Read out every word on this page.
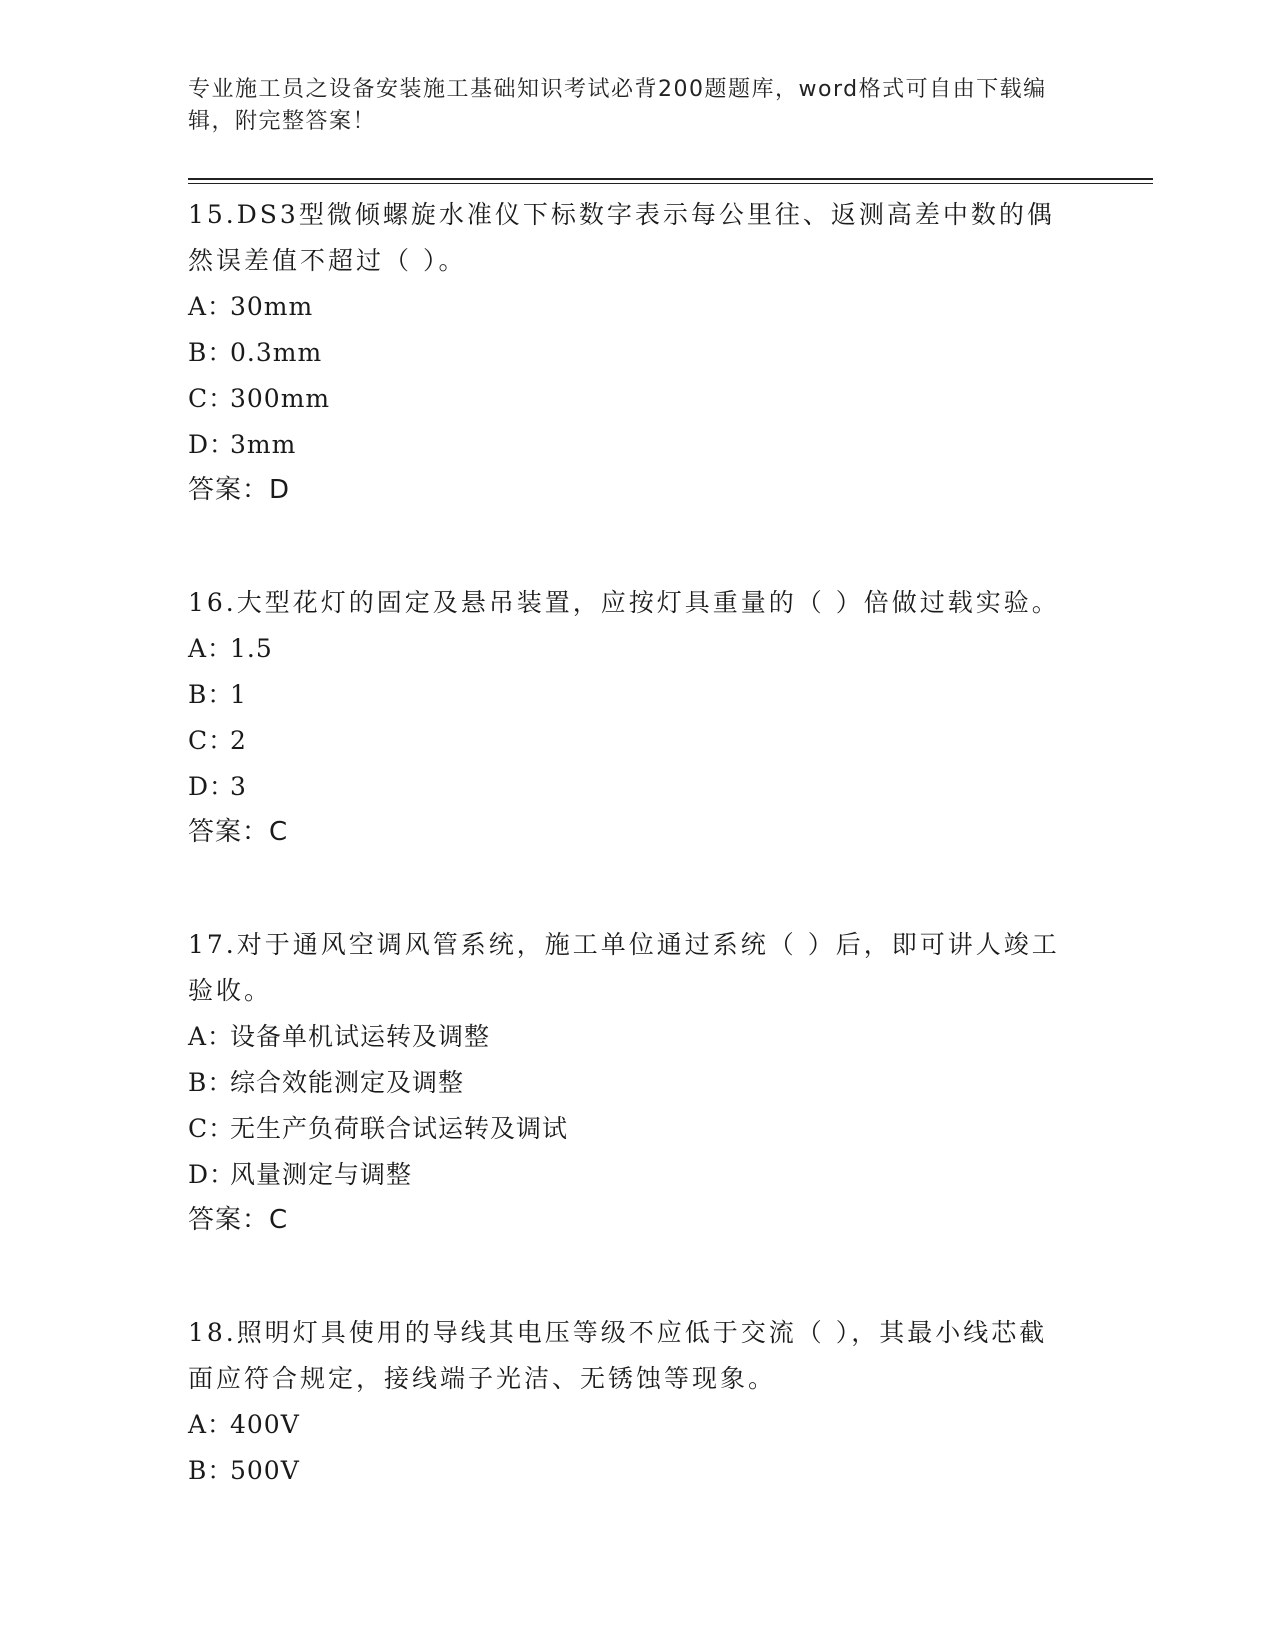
专业施工员之设备安装施工基础知识考试必背200题题库，word格式可自由下载编辑，附完整答案！

15.DS3型微倾螺旋水准仪下标数字表示每公里往、返测高差中数的偶然误差值不超过（ ）。

A：30mm
B：0.3mm
C：300mm
D：3mm
答案：D

16.大型花灯的固定及悬吊装置，应按灯具重量的（ ）倍做过载实验。

A：1.5
B：1
C：2
D：3
答案：C

17.对于通风空调风管系统，施工单位通过系统（ ）后，即可讲人竣工验收。

A：设备单机试运转及调整
B：综合效能测定及调整
C：无生产负荷联合试运转及调试
D：风量测定与调整
答案：C

18.照明灯具使用的导线其电压等级不应低于交流（ ），其最小线芯截面应符合规定，接线端子光洁、无锈蚀等现象。

A：400V
B：500V
